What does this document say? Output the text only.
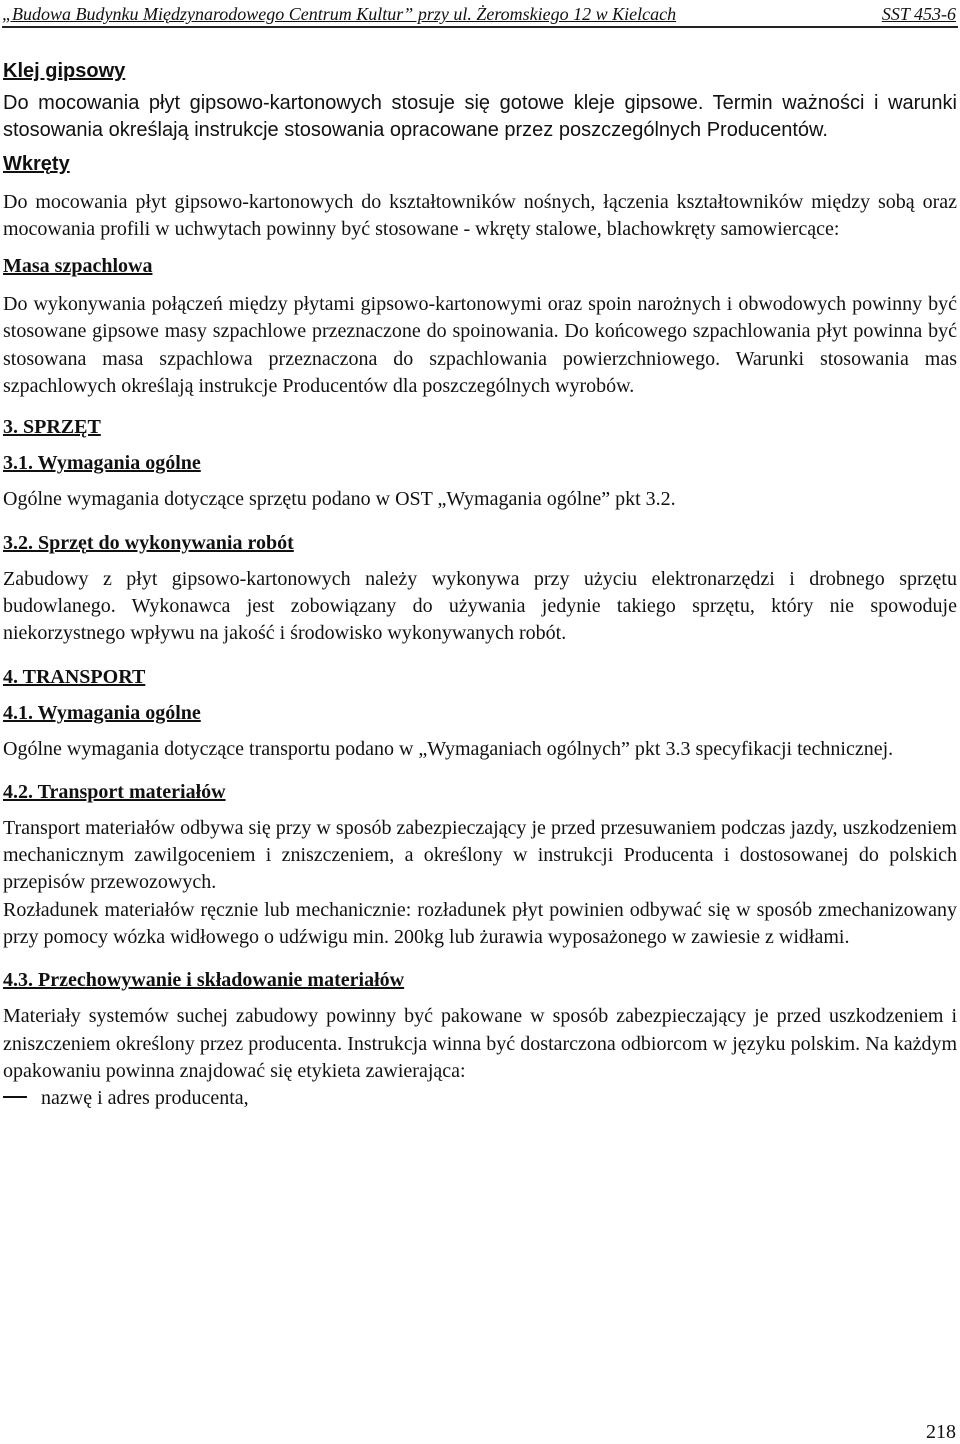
„Budowa Budynku Międzynarodowego Centrum Kultur” przy ul. Żeromskiego 12 w Kielcach	SST 453-6
Klej gipsowy
Do mocowania płyt gipsowo-kartonowych stosuje się gotowe kleje gipsowe. Termin ważności i warunki stosowania określają instrukcje stosowania opracowane przez poszczególnych Producentów.
Wkręty
Do mocowania płyt gipsowo-kartonowych do kształtowników nośnych, łączenia kształtowników między sobą oraz mocowania profili w uchwytach powinny być stosowane - wkręty stalowe, blachowkręty samowiercące:
Masa szpachlowa
Do wykonywania połączeń między płytami gipsowo-kartonowymi oraz spoin narożnych i obwodowych powinny być stosowane gipsowe masy szpachlowe przeznaczone do spoinowania. Do końcowego szpachlowania płyt powinna być stosowana masa szpachlowa przeznaczona do szpachlowania powierzchniowego. Warunki stosowania mas szpachlowych określają instrukcje Producentów dla poszczególnych wyrobów.
3. SPRZĘT
3.1. Wymagania ogólne
Ogólne wymagania dotyczące sprzętu podano w OST „Wymagania ogólne” pkt 3.2.
3.2. Sprzęt do wykonywania robót
Zabudowy z płyt gipsowo-kartonowych należy wykonywa przy użyciu elektronarzędzi i drobnego sprzętu budowlanego. Wykonawca jest zobowiązany do używania jedynie takiego sprzętu, który nie spowoduje niekorzystnego wpływu na jakość i środowisko wykonywanych robót.
4. TRANSPORT
4.1. Wymagania ogólne
Ogólne wymagania dotyczące transportu podano w „Wymaganiach ogólnych” pkt 3.3 specyfikacji technicznej.
4.2. Transport materiałów
Transport materiałów odbywa się przy w sposób zabezpieczający je przed przesuwaniem podczas jazdy, uszkodzeniem mechanicznym zawilgoceniem i zniszczeniem, a określony w instrukcji Producenta i dostosowanej do polskich przepisów przewozowych.
Rozładunek materiałów ręcznie lub mechanicznie: rozładunek płyt powinien odbywać się w sposób zmechanizowany przy pomocy wózka widłowego o udźwigu min. 200kg lub żurawia wyposażonego w zawiesie z widłami.
4.3. Przechowywanie i składowanie materiałów
Materiały systemów suchej zabudowy powinny być pakowane w sposób zabezpieczający je przed uszkodzeniem i zniszczeniem określony przez producenta. Instrukcja winna być dostarczona odbiorcom w języku polskim. Na każdym opakowaniu powinna znajdować się etykieta zawierająca:
nazwę i adres producenta,
218
